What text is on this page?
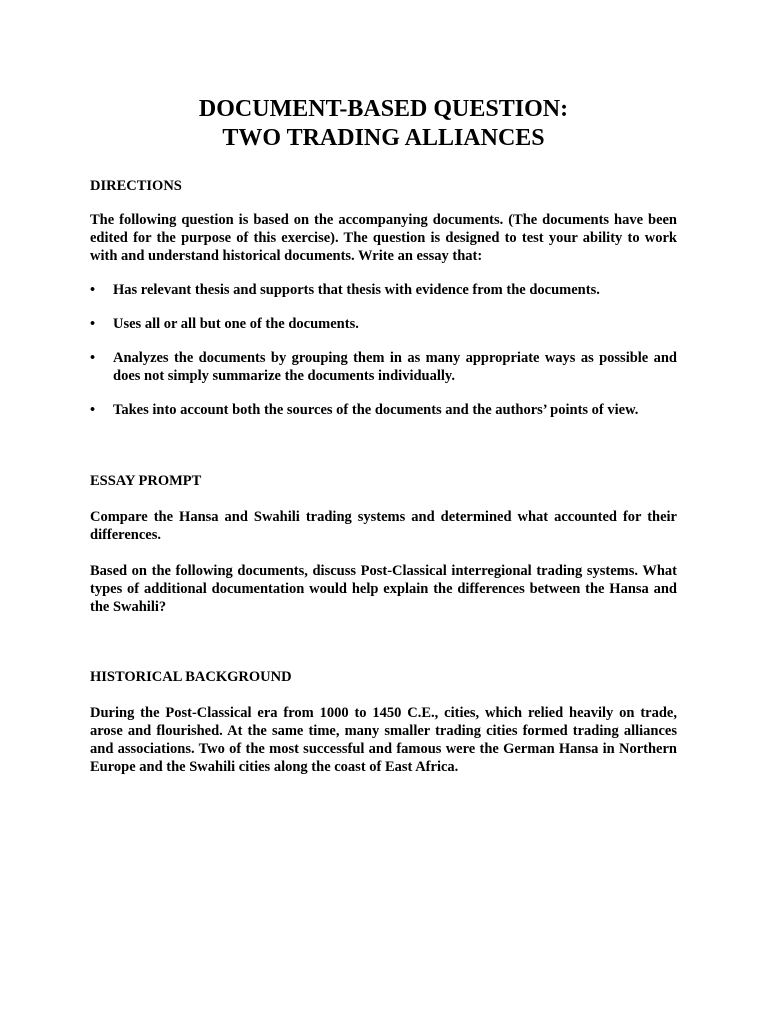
DOCUMENT-BASED QUESTION:
TWO TRADING ALLIANCES
DIRECTIONS

The following question is based on the accompanying documents. (The documents have been edited for the purpose of this exercise). The question is designed to test your ability to work with and understand historical documents. Write an essay that:

• Has relevant thesis and supports that thesis with evidence from the documents.
• Uses all or all but one of the documents.
• Analyzes the documents by grouping them in as many appropriate ways as possible and does not simply summarize the documents individually.
• Takes into account both the sources of the documents and the authors’ points of view.
ESSAY PROMPT

Compare the Hansa and Swahili trading systems and determined what accounted for their differences.

Based on the following documents, discuss Post-Classical interregional trading systems. What types of additional documentation would help explain the differences between the Hansa and the Swahili?

HISTORICAL BACKGROUND

During the Post-Classical era from 1000 to 1450 C.E., cities, which relied heavily on trade, arose and flourished. At the same time, many smaller trading cities formed trading alliances and associations. Two of the most successful and famous were the German Hansa in Northern Europe and the Swahili cities along the coast of East Africa.
